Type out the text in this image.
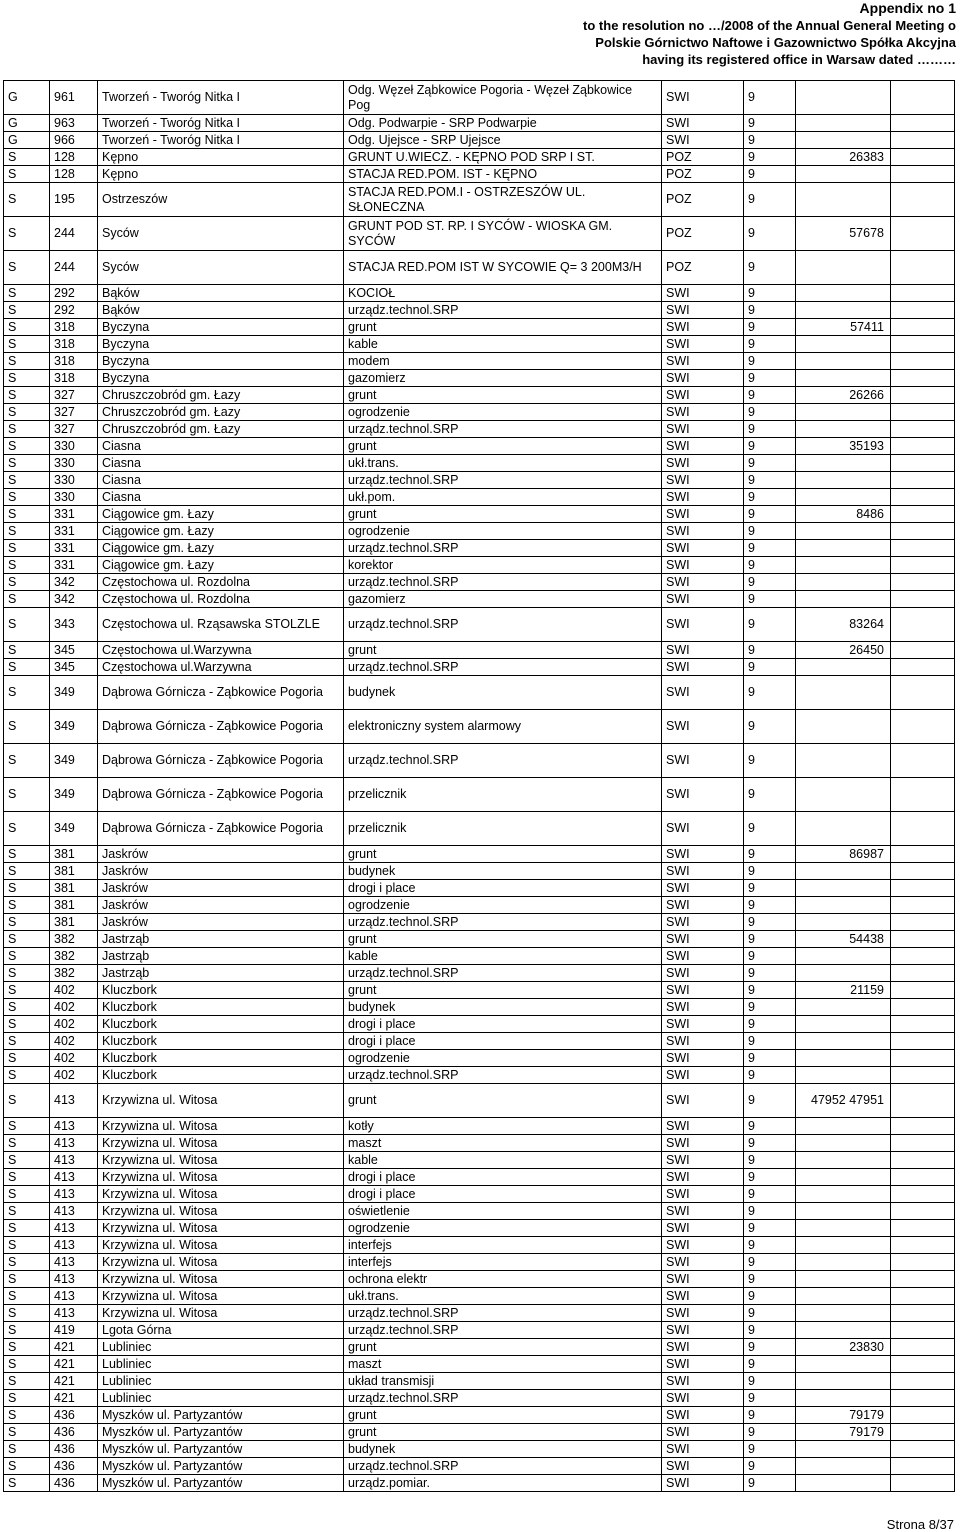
Appendix no 1
to the resolution no …/2008 of the Annual General Meeting o
Polskie Górnictwo Naftowe i Gazownictwo Spółka Akcyjna
having its registered office in Warsaw dated ………
G	961	Tworzeń - Tworóg Nitka I	Odg. Węzeł Ząbkowice Pogoria - Węzeł Ząbkowice Pog	SWI	9		
G	963	Tworzeń - Tworóg Nitka I	Odg. Podwarpie - SRP Podwarpie	SWI	9		
G	966	Tworzeń - Tworóg Nitka I	Odg. Ujejsce - SRP Ujejsce	SWI	9		
S	128	Kępno	GRUNT U.WIECZ. - KĘPNO POD SRP I ST.	POZ	9	26383	
S	128	Kępno	STACJA RED.POM. IST - KĘPNO	POZ	9		
S	195	Ostrzeszów	STACJA RED.POM.I - OSTRZESZÓW UL. SŁONECZNA	POZ	9		
S	244	Syców	GRUNT POD ST. RP. I SYCÓW - WIOSKA GM. SYCÓW	POZ	9	57678	
S	244	Syców	STACJA RED.POM IST W SYCOWIE Q= 3 200M3/H	POZ	9		
S	292	Bąków	KOCIOŁ	SWI	9		
S	292	Bąków	urządz.technol.SRP	SWI	9		
S	318	Byczyna	grunt	SWI	9	57411	
S	318	Byczyna	kable	SWI	9		
S	318	Byczyna	modem	SWI	9		
S	318	Byczyna	gazomierz	SWI	9		
S	327	Chruszczobród gm. Łazy	grunt	SWI	9	26266	
S	327	Chruszczobród gm. Łazy	ogrodzenie	SWI	9		
S	327	Chruszczobród gm. Łazy	urządz.technol.SRP	SWI	9		
S	330	Ciasna	grunt	SWI	9	35193	
S	330	Ciasna	ukł.trans.	SWI	9		
S	330	Ciasna	urządz.technol.SRP	SWI	9		
S	330	Ciasna	ukł.pom.	SWI	9		
S	331	Ciągowice gm. Łazy	grunt	SWI	9	8486	
S	331	Ciągowice gm. Łazy	ogrodzenie	SWI	9		
S	331	Ciągowice gm. Łazy	urządz.technol.SRP	SWI	9		
S	331	Ciągowice gm. Łazy	korektor	SWI	9		
S	342	Częstochowa ul. Rozdolna	urządz.technol.SRP	SWI	9		
S	342	Częstochowa ul. Rozdolna	gazomierz	SWI	9		
S	343	Częstochowa ul. Rząsawska STOLZLE	urządz.technol.SRP	SWI	9	83264	
S	345	Częstochowa ul.Warzywna	grunt	SWI	9	26450	
S	345	Częstochowa ul.Warzywna	urządz.technol.SRP	SWI	9		
S	349	Dąbrowa Górnicza - Ząbkowice Pogoria	budynek	SWI	9		
S	349	Dąbrowa Górnicza - Ząbkowice Pogoria	elektroniczny system alarmowy	SWI	9		
S	349	Dąbrowa Górnicza - Ząbkowice Pogoria	urządz.technol.SRP	SWI	9		
S	349	Dąbrowa Górnicza - Ząbkowice Pogoria	przelicznik	SWI	9		
S	349	Dąbrowa Górnicza - Ząbkowice Pogoria	przelicznik	SWI	9		
S	381	Jaskrów	grunt	SWI	9	86987	
S	381	Jaskrów	budynek	SWI	9		
S	381	Jaskrów	drogi i place	SWI	9		
S	381	Jaskrów	ogrodzenie	SWI	9		
S	381	Jaskrów	urządz.technol.SRP	SWI	9		
S	382	Jastrząb	grunt	SWI	9	54438	
S	382	Jastrząb	kable	SWI	9		
S	382	Jastrząb	urządz.technol.SRP	SWI	9		
S	402	Kluczbork	grunt	SWI	9	21159	
S	402	Kluczbork	budynek	SWI	9		
S	402	Kluczbork	drogi i place	SWI	9		
S	402	Kluczbork	drogi i place	SWI	9		
S	402	Kluczbork	ogrodzenie	SWI	9		
S	402	Kluczbork	urządz.technol.SRP	SWI	9		
S	413	Krzywizna ul. Witosa	grunt	SWI	9	47952 47951	
S	413	Krzywizna ul. Witosa	kotły	SWI	9		
S	413	Krzywizna ul. Witosa	maszt	SWI	9		
S	413	Krzywizna ul. Witosa	kable	SWI	9		
S	413	Krzywizna ul. Witosa	drogi i place	SWI	9		
S	413	Krzywizna ul. Witosa	drogi i place	SWI	9		
S	413	Krzywizna ul. Witosa	oświetlenie	SWI	9		
S	413	Krzywizna ul. Witosa	ogrodzenie	SWI	9		
S	413	Krzywizna ul. Witosa	interfejs	SWI	9		
S	413	Krzywizna ul. Witosa	interfejs	SWI	9		
S	413	Krzywizna ul. Witosa	ochrona elektr	SWI	9		
S	413	Krzywizna ul. Witosa	ukł.trans.	SWI	9		
S	413	Krzywizna ul. Witosa	urządz.technol.SRP	SWI	9		
S	419	Lgota Górna	urządz.technol.SRP	SWI	9		
S	421	Lubliniec	grunt	SWI	9	23830	
S	421	Lubliniec	maszt	SWI	9		
S	421	Lubliniec	układ transmisji	SWI	9		
S	421	Lubliniec	urządz.technol.SRP	SWI	9		
S	436	Myszków ul. Partyzantów	grunt	SWI	9	79179	
S	436	Myszków ul. Partyzantów	grunt	SWI	9	79179	
S	436	Myszków ul. Partyzantów	budynek	SWI	9		
S	436	Myszków ul. Partyzantów	urządz.technol.SRP	SWI	9		
S	436	Myszków ul. Partyzantów	urządz.pomiar.	SWI	9		
Strona 8/37
